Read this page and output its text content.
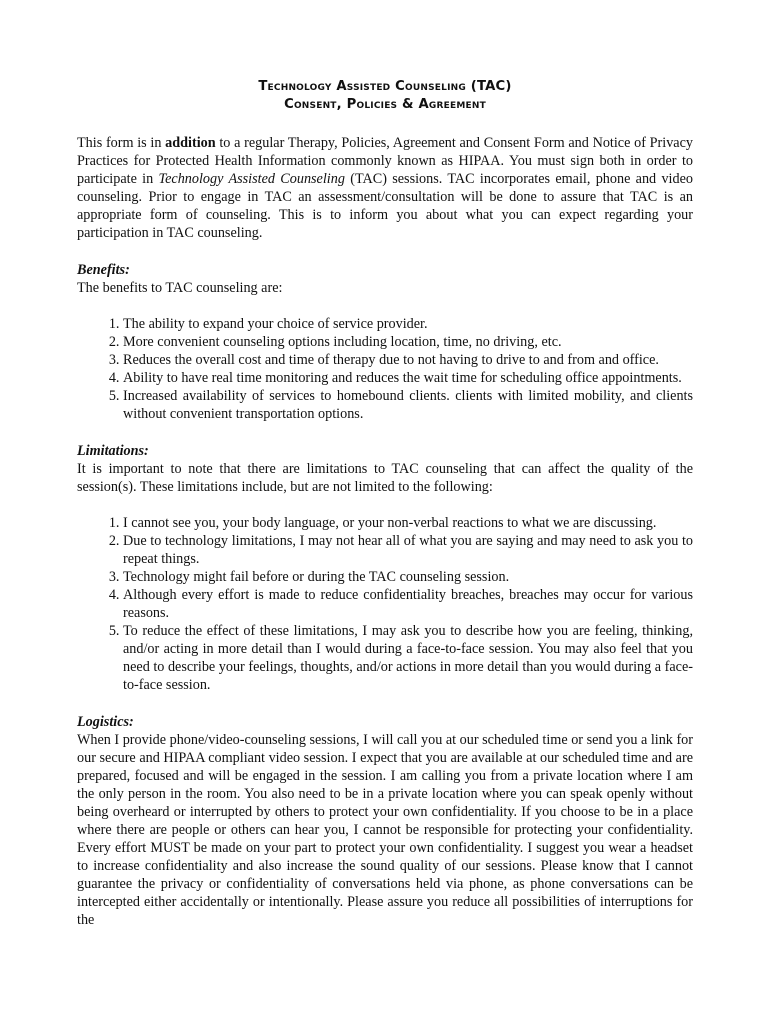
Technology Assisted Counseling (TAC)
Consent, Policies & Agreement

This form is in addition to a regular Therapy, Policies, Agreement and Consent Form and Notice of Privacy Practices for Protected Health Information commonly known as HIPAA. You must sign both in order to participate in Technology Assisted Counseling (TAC) sessions. TAC incorporates email, phone and video counseling. Prior to engage in TAC an assessment/consultation will be done to assure that TAC is an appropriate form of counseling. This is to inform you about what you can expect regarding your participation in TAC counseling.

Benefits:

The benefits to TAC counseling are:

1. The ability to expand your choice of service provider.
2. More convenient counseling options including location, time, no driving, etc.
3. Reduces the overall cost and time of therapy due to not having to drive to and from and office.
4. Ability to have real time monitoring and reduces the wait time for scheduling office appointments.
5. Increased availability of services to homebound clients. clients with limited mobility, and clients without convenient transportation options.
Limitations:

It is important to note that there are limitations to TAC counseling that can affect the quality of the session(s). These limitations include, but are not limited to the following:

1. I cannot see you, your body language, or your non-verbal reactions to what we are discussing.
2. Due to technology limitations, I may not hear all of what you are saying and may need to ask you to repeat things.
3. Technology might fail before or during the TAC counseling session.
4. Although every effort is made to reduce confidentiality breaches, breaches may occur for various reasons.
5. To reduce the effect of these limitations, I may ask you to describe how you are feeling, thinking, and/or acting in more detail than I would during a face-to-face session. You may also feel that you need to describe your feelings, thoughts, and/or actions in more detail than you would during a face-to-face session.
Logistics:

When I provide phone/video-counseling sessions, I will call you at our scheduled time or send you a link for our secure and HIPAA compliant video session. I expect that you are available at our scheduled time and are prepared, focused and will be engaged in the session. I am calling you from a private location where I am the only person in the room. You also need to be in a private location where you can speak openly without being overheard or interrupted by others to protect your own confidentiality. If you choose to be in a place where there are people or others can hear you, I cannot be responsible for protecting your confidentiality. Every effort MUST be made on your part to protect your own confidentiality. I suggest you wear a headset to increase confidentiality and also increase the sound quality of our sessions. Please know that I cannot guarantee the privacy or confidentiality of conversations held via phone, as phone conversations can be intercepted either accidentally or intentionally. Please assure you reduce all possibilities of interruptions for the
